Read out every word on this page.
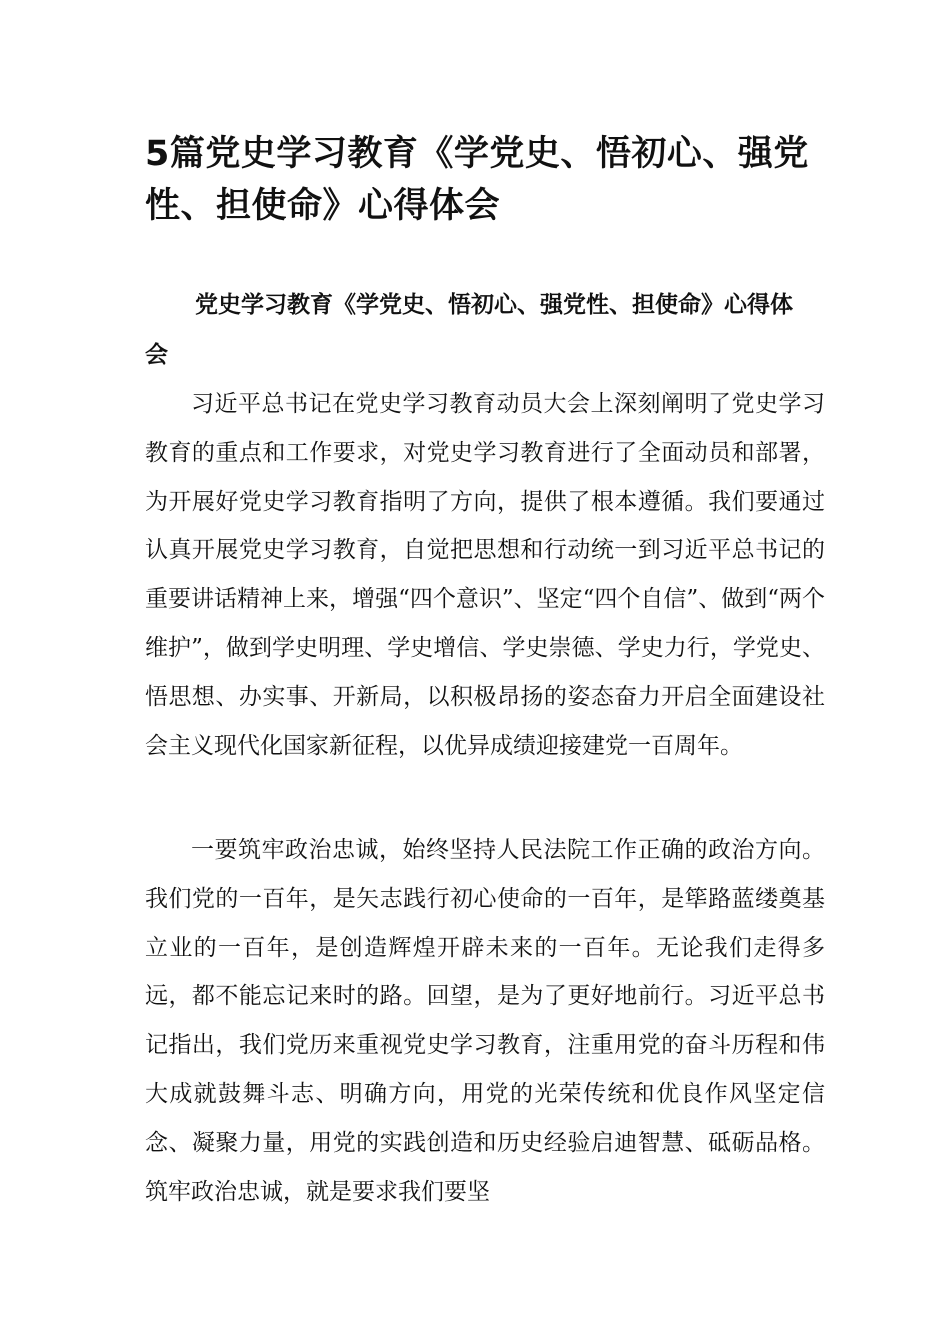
5篇党史学习教育《学党史、悟初心、强党性、担使命》心得体会

党史学习教育《学党史、悟初心、强党性、担使命》心得体会

习近平总书记在党史学习教育动员大会上深刻阐明了党史学习教育的重点和工作要求，对党史学习教育进行了全面动员和部署，为开展好党史学习教育指明了方向，提供了根本遵循。我们要通过认真开展党史学习教育，自觉把思想和行动统一到习近平总书记的重要讲话精神上来，增强“四个意识”、坚定“四个自信”、做到“两个维护”，做到学史明理、学史增信、学史崇德、学史力行，学党史、悟思想、办实事、开新局，以积极昂扬的姿态奋力开启全面建设社会主义现代化国家新征程，以优异成绩迎接建党一百周年。

一要筑牢政治忠诚，始终坚持人民法院工作正确的政治方向。我们党的一百年，是矢志践行初心使命的一百年，是筚路蓝缕奠基立业的一百年，是创造辉煌开辟未来的一百年。无论我们走得多远，都不能忘记来时的路。回望，是为了更好地前行。习近平总书记指出，我们党历来重视党史学习教育，注重用党的奋斗历程和伟大成就鼓舞斗志、明确方向，用党的光荣传统和优良作风坚定信念、凝聚力量，用党的实践创造和历史经验启迪智慧、砥砺品格。筑牢政治忠诚，就是要求我们要坚
